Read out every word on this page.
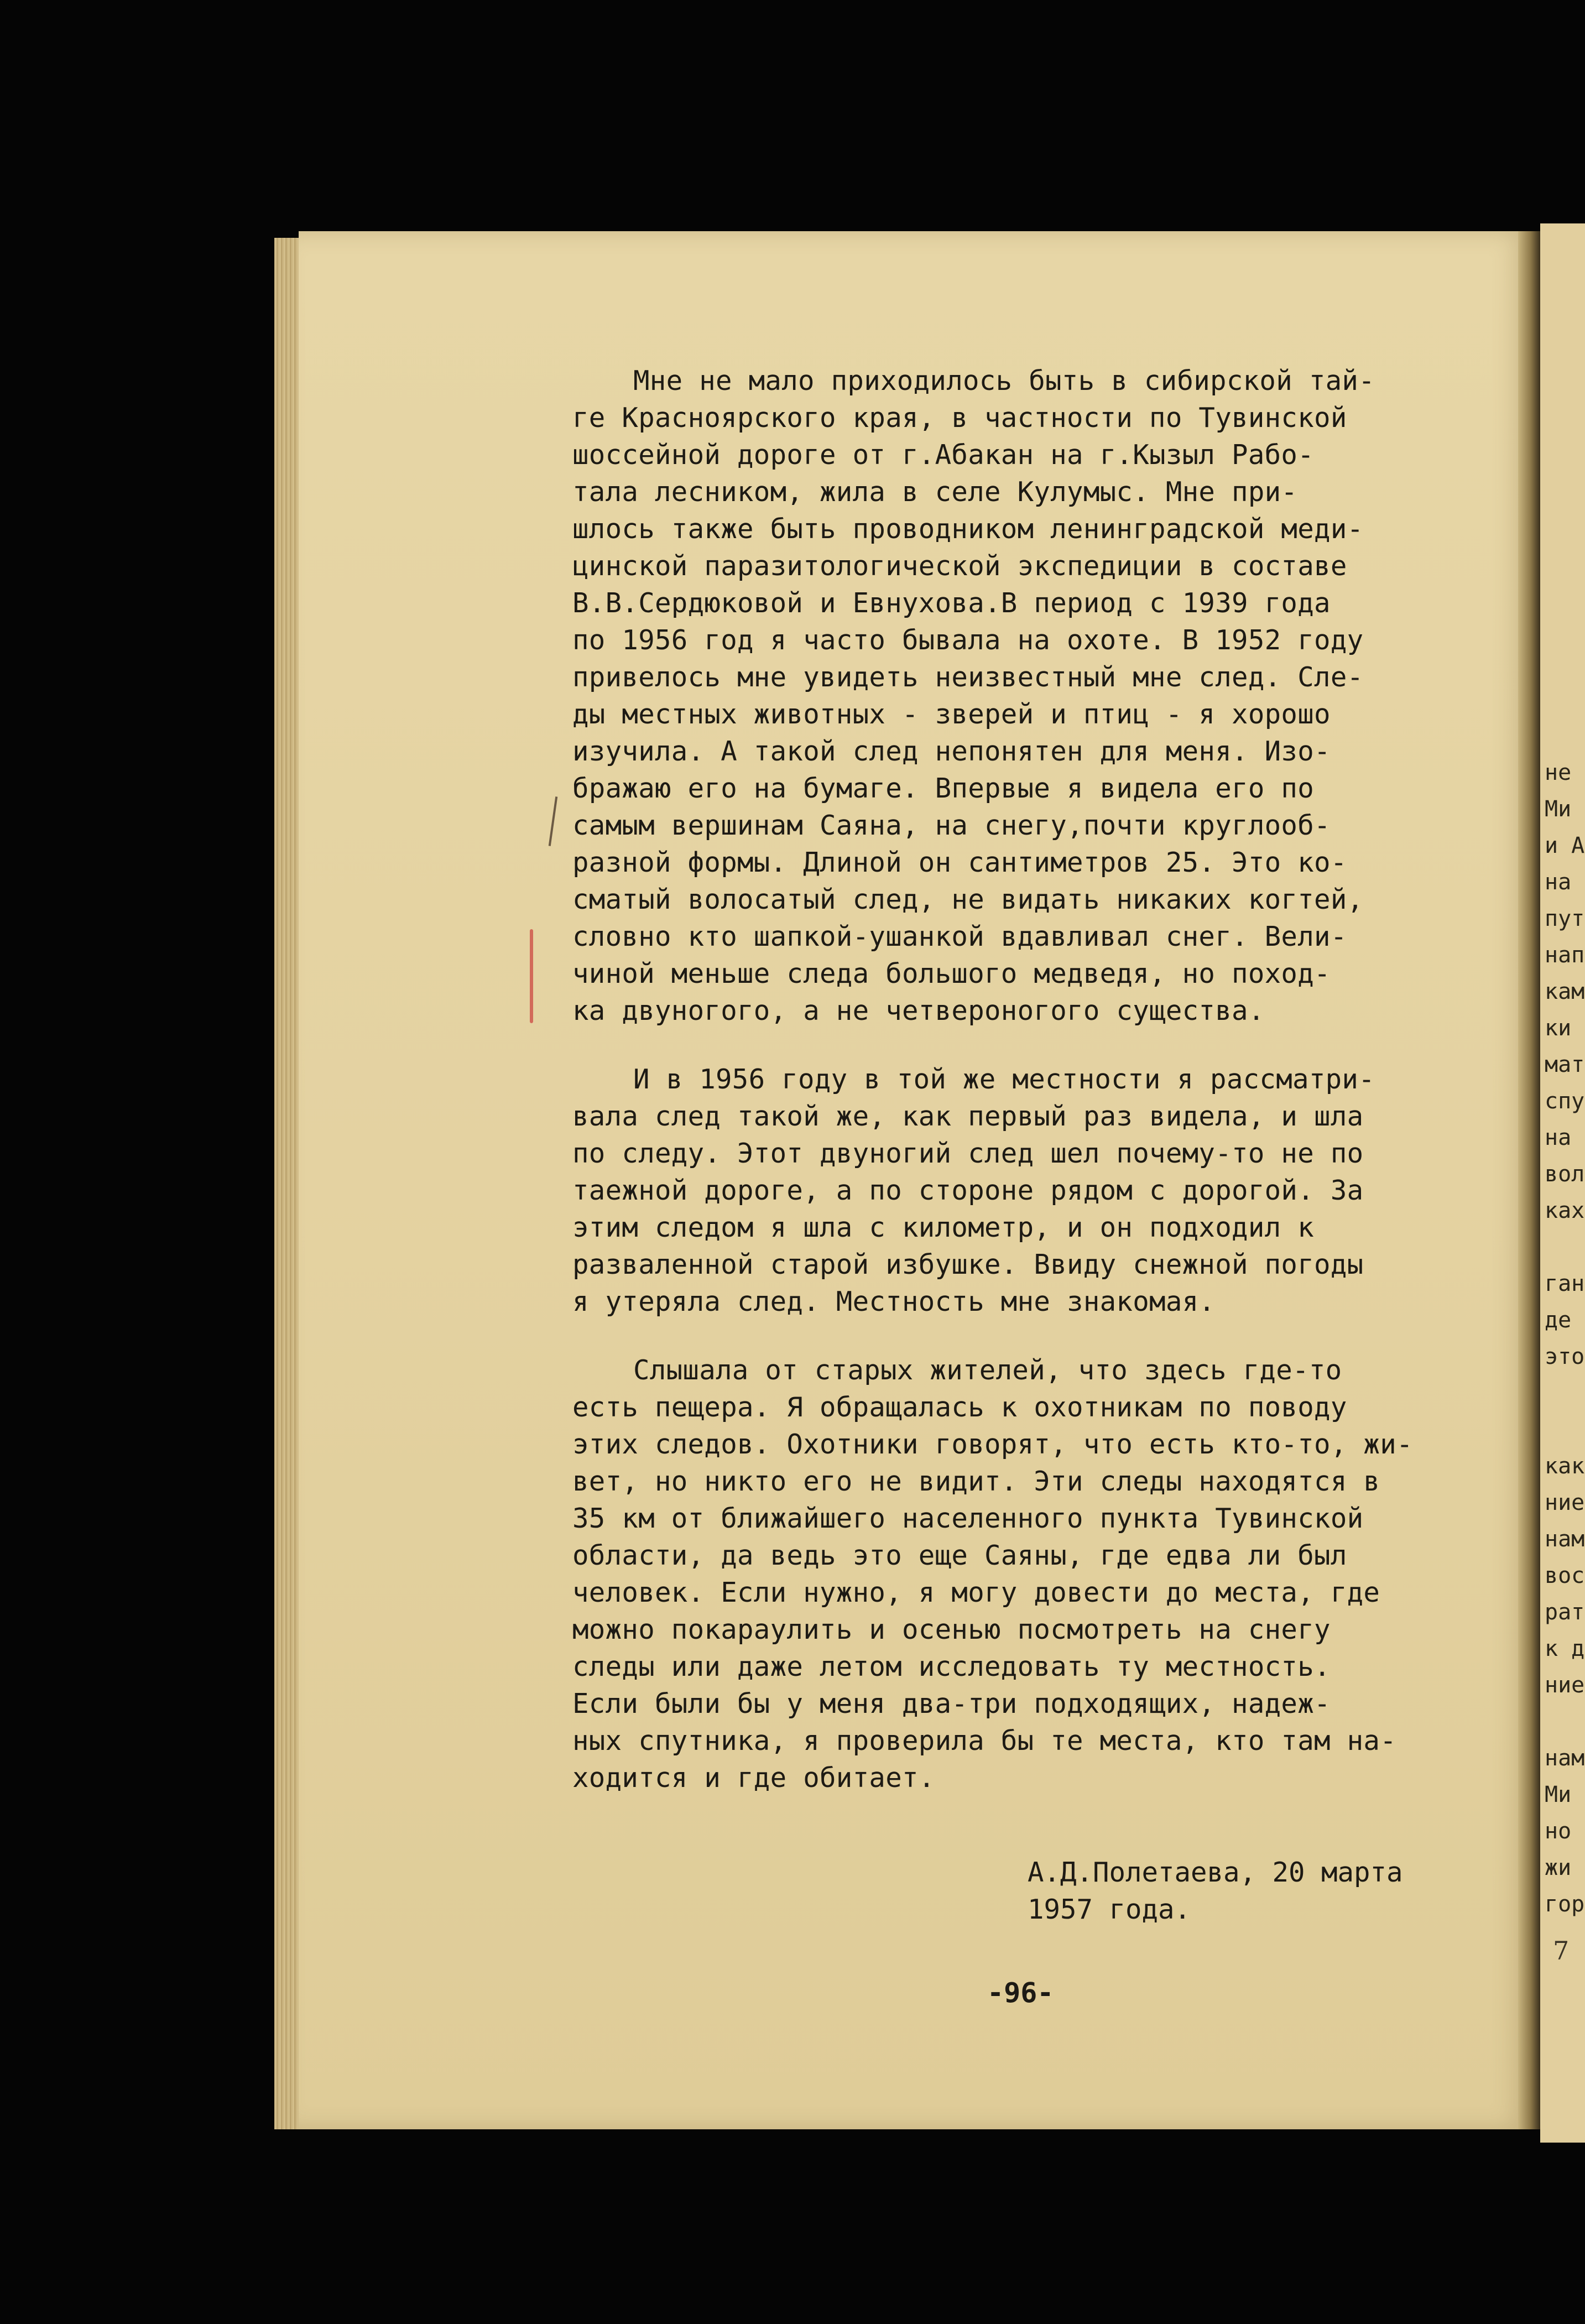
Мне не мало приходилось быть в сибирской тай-
ге Красноярского края, в частности по Тувинской
шоссейной дороге от г.Абакан на г.Кызыл Рабо-
тала лесником, жила в селе Кулумыс. Мне при-
шлось также быть проводником ленинградской меди-
цинской паразитологической экспедиции в составе
В.В.Сердюковой и Евнухова.В период с 1939 года
по 1956 год я часто бывала на охоте. В 1952 году
привелось мне увидеть неизвестный мне след. Сле-
ды местных животных - зверей и птиц - я хорошо
изучила. А такой след непонятен для меня. Изо-
бражаю его на бумаге. Впервые я видела его по
самым вершинам Саяна, на снегу,почти круглооб-
разной формы. Длиной он сантиметров 25. Это ко-
сматый волосатый след, не видать никаких когтей,
словно кто шапкой-ушанкой вдавливал снег. Вели-
чиной меньше следа большого медведя, но поход-
ка двуногого, а не четвероногого существа.

И в 1956 году в той же местности я рассматри-
вала след такой же, как первый раз видела, и шла
по следу. Этот двуногий след шел почему-то не по
таежной дороге, а по стороне рядом с дорогой. За
этим следом я шла с километр, и он подходил к
разваленной старой избушке. Ввиду снежной погоды
я утеряла след. Местность мне знакомая.

Слышала от старых жителей, что здесь где-то
есть пещера. Я обращалась к охотникам по поводу
этих следов. Охотники говорят, что есть кто-то, жи-
вет, но никто его не видит. Эти следы находятся в
35 км от ближайшего населенного пункта Тувинской
области, да ведь это еще Саяны, где едва ли был
человек. Если нужно, я могу довести до места, где
можно покараулить и осенью посмотреть на снегу
следы или даже летом исследовать ту местность.
Если были бы у меня два-три подходящих, надеж-
ных спутника, я проверила бы те места, кто там на-
ходится и где обитает.

А.Д.Полетаева, 20 марта
1957 года.
-96-
не
Ми
и А
на
пут
нап
кам
ки
мат
спу
на
вол
ках
ган
де
это
как
ние
нам
вос
рат
к д
ние
нам
Ми
но
жи
гор
7
